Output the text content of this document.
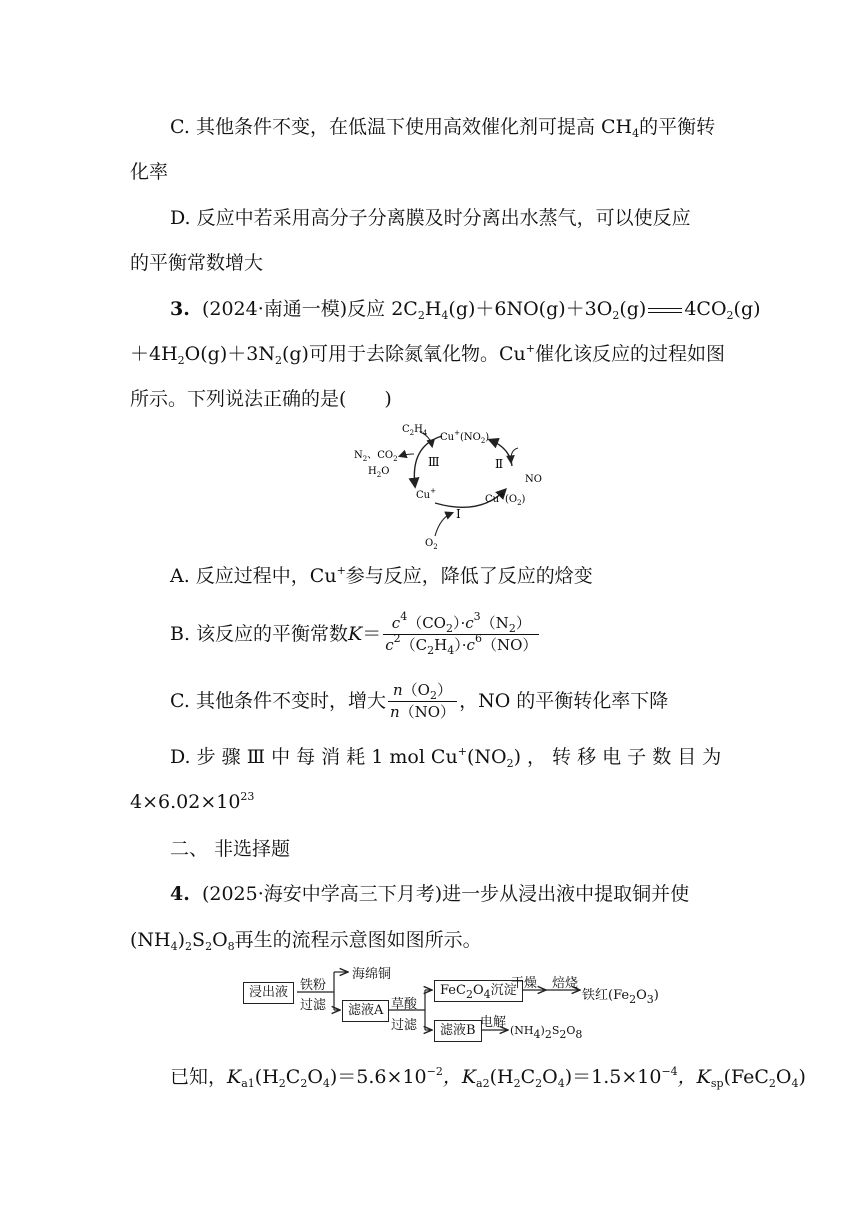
C. 其他条件不变，在低温下使用高效催化剂可提高 $CH_4$的平衡转
化率
D. 反应中若采用高分子分离膜及时分离出水蒸气，可以使反应
的平衡常数增大
3. (2024·南通一模)反应 $2C_2H_4(g)+6NO(g)+3O_2(g)$ $4CO_2(g)$
$+4H_2O(g)+3N_2(g)$可用于去除氮氧化物。Cu+催化该反应的过程如图
所示。下列说法正确的是(　　)
$C_2H_4$ $Cu^+(NO_2)$
$N_2$、$CO_2$
$H_2O$
Ⅲ	Ⅱ
NO
Cu+
$Cu^+(O_2)$
Ⅰ
$O_2$
A. 反应过程中，Cu+参与反应，降低了反应的焓变
B. 该反应的平衡常数 $K = \frac{c^4(CO_2)\cdot c^3(N_2)}{c^2(C_2H_4)\cdot c^6(NO)}$
C. 其他条件不变时，增大 $\frac{n(O_2)}{n(NO)}$ ，NO 的平衡转化率下降
D. 步 骤 Ⅲ 中 每 消 耗 1 mol $Cu^+(NO_2)$ ， 转 移 电 子 数 目 为
$4\times 6.02\times 10^{23}$
二、 非选择题
4. (2025·海安中学高三下月考)进一步从浸出液中提取铜并使
$(NH_4)_2S_2O_8$再生的流程示意图如图所示。
浸出液 铁粉
过滤
海绵铜
滤液A 草酸
过滤
$FeC_2O_4$沉淀
干燥 焙烧
铁红$(Fe_2O_3)$
滤液B
电解
$(NH_4)_2S_2O_8$
已知，$K_{a1}(H_2C_2O_4)=5.6\times 10^{-2}$，$K_{a2}(H_2C_2O_4)=1.5\times 10^{-4}$，$K_{sp}(FeC_2O_4)$
